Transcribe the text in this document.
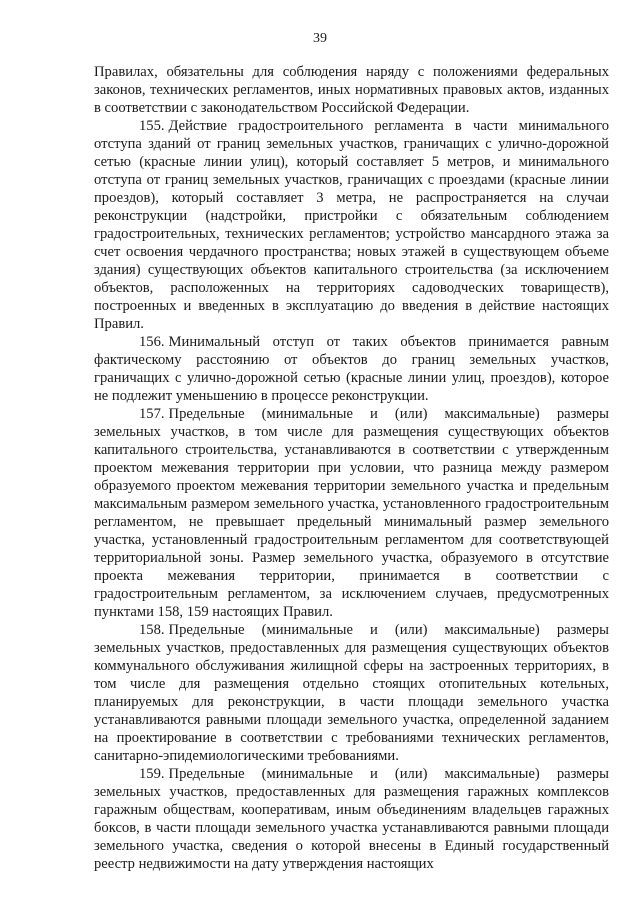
39

Правилах, обязательны для соблюдения наряду с положениями федеральных законов, технических регламентов, иных нормативных правовых актов, изданных в соответствии с законодательством Российской Федерации.

155. Действие градостроительного регламента в части минимального отступа зданий от границ земельных участков, граничащих с улично-дорожной сетью (красные линии улиц), который составляет 5 метров, и минимального отступа от границ земельных участков, граничащих с проездами (красные линии проездов), который составляет 3 метра, не распространяется на случаи реконструкции (надстройки, пристройки с обязательным соблюдением градостроительных, технических регламентов; устройство мансардного этажа за счет освоения чердачного пространства; новых этажей в существующем объеме здания) существующих объектов капитального строительства (за исключением объектов, расположенных на территориях садоводческих товариществ), построенных и введенных в эксплуатацию до введения в действие настоящих Правил.

156. Минимальный отступ от таких объектов принимается равным фактическому расстоянию от объектов до границ земельных участков, граничащих с улично-дорожной сетью (красные линии улиц, проездов), которое не подлежит уменьшению в процессе реконструкции.

157. Предельные (минимальные и (или) максимальные) размеры земельных участков, в том числе для размещения существующих объектов капитального строительства, устанавливаются в соответствии с утвержденным проектом межевания территории при условии, что разница между размером образуемого проектом межевания территории земельного участка и предельным максимальным размером земельного участка, установленного градостроительным регламентом, не превышает предельный минимальный размер земельного участка, установленный градостроительным регламентом для соответствующей территориальной зоны. Размер земельного участка, образуемого в отсутствие проекта межевания территории, принимается в соответствии с градостроительным регламентом, за исключением случаев, предусмотренных пунктами 158, 159 настоящих Правил.

158. Предельные (минимальные и (или) максимальные) размеры земельных участков, предоставленных для размещения существующих объектов коммунального обслуживания жилищной сферы на застроенных территориях, в том числе для размещения отдельно стоящих отопительных котельных, планируемых для реконструкции, в части площади земельного участка устанавливаются равными площади земельного участка, определенной заданием на проектирование в соответствии с требованиями технических регламентов, санитарно-эпидемиологическими требованиями.

159. Предельные (минимальные и (или) максимальные) размеры земельных участков, предоставленных для размещения гаражных комплексов гаражным обществам, кооперативам, иным объединениям владельцев гаражных боксов, в части площади земельного участка устанавливаются равными площади земельного участка, сведения о которой внесены в Единый государственный реестр недвижимости на дату утверждения настоящих
